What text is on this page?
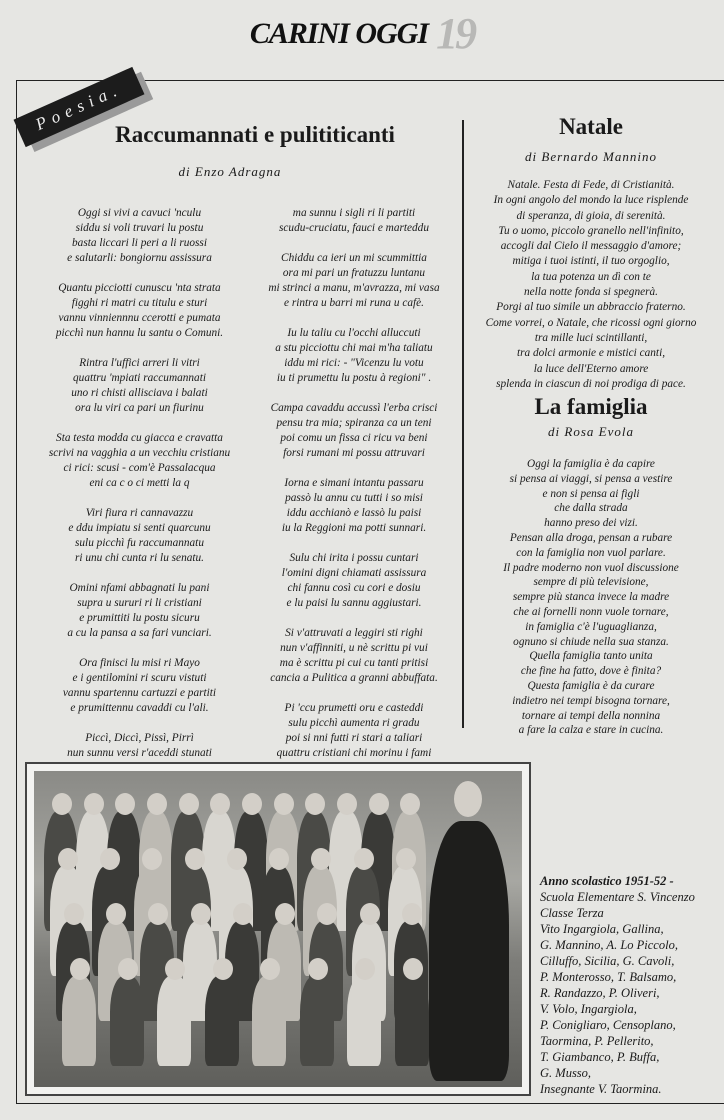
CARINI OGGI 19
Poesia.
Raccumannati e pulititicanti
di Enzo Adragna
Oggi si vivi a cavuci 'nculu
siddu si voli truvari lu postu
basta liccari li peri a li ruossi
e salutarli: bongiornu assissura
Quantu picciotti cunuscu 'nta strata
figghi ri matri cu titulu e sturi
vannu vinniennnu ccerotti e pumata
picchì nun hannu lu santu o Comuni.
Rintra l'uffici arreri li vitri
quattru 'mpiati raccumannati
uno ri chisti allisciava i balati
ora lu viri ca pari un fiurinu
Sta testa modda cu giacca e cravatta
scrivi na vagghia a un vecchiu cristianu
ci rici: scusi - com'è Passalacqua
eni ca c o ci metti la q
Viri fiura ri cannavazzu
e ddu impiatu si senti quarcunu
sulu picchì fu raccumannatu
ri unu chi cunta ri lu senatu.
Omini nfami abbagnati lu pani
supra u sururi ri li cristiani
e prumittiti lu postu sicuru
a cu la pansa a sa fari vunciari.
Ora finisci lu misi ri Mayo
e i gentilomini ri scuru vistuti
vannu spartennu cartuzzi e partiti
e prumittennu cavaddi cu l'ali.
Piccì, Diccì, Pissì, Pirrì
nun sunnu versi r'aceddi stunati
ma sunnu i sigli ri li partiti
scudu-cruciatu, fauci e marteddu
Chiddu ca ieri un mi scummittia
ora mi pari un fratuzzu luntanu
mi strinci a manu, m'avrazza, mi vasa
e rintra u barri mi runa u cafè.
Iu lu taliu cu l'occhi alluccuti
a stu picciottu chi mai m'ha taliatu
iddu mi rici: - "Vicenzu lu votu
iu ti prumettu lu postu à regioni" .
Campa cavaddu accussì l'erba crisci
pensu tra mia; spiranza ca un teni
poi comu un fissa ci ricu va beni
forsi rumani mi possu attruvari
Iorna e simani intantu passaru
passò lu annu cu tutti i so misi
iddu acchianò e lassò lu paisi
iu la Reggioni ma potti sunnari.
Sulu chi irita i possu cuntari
l'omini digni chiamati assissura
chi fannu così cu cori e dosiu
e lu paisi lu sannu aggiustari.
Si v'attruvati a leggiri sti righi
nun v'affinniti, u nè scrittu pi vui
ma è scrittu pi cui cu tanti pritisi
cancia a Pulitica a granni abbuffata.
Pi 'ccu prumetti oru e casteddi
sulu picchì aumenta ri gradu
poi si nni futti ri stari a taliari
quattru cristiani chi morinu i fami
Natale
di Bernardo Mannino
Natale. Festa di Fede, di Cristianità.
In ogni angolo del mondo la luce risplende
di speranza, di gioia, di serenità.
Tu o uomo, piccolo granello nell'infinito,
accogli dal Cielo il messaggio d'amore;
mitiga i tuoi istinti, il tuo orgoglio,
la tua potenza un dì con te
nella notte fonda si spegnerà.
Porgi al tuo simile un abbraccio fraterno.
Come vorrei, o Natale, che ricossi ogni giorno
tra mille luci scintillanti,
tra dolci armonie e mistici canti,
la luce dell'Eterno amore
splenda in ciascun di noi prodiga di pace.
La famiglia
di Rosa Evola
Oggi la famiglia è da capire
si pensa ai viaggi, si pensa a vestire
e non si pensa ai figli
che dalla strada
hanno preso dei vizi.
Pensan alla droga, pensan a rubare
con la famiglia non vuol parlare.
Il padre moderno non vuol discussione
sempre di più televisione,
sempre più stanca invece la madre
che ai fornelli nonn vuole tornare,
in famiglia c'è l'uguaglianza,
ognuno si chiude nella sua stanza.
Quella famiglia tanto unita
che fine ha fatto, dove è finita?
Questa famiglia è da curare
indietro nei tempi bisogna tornare,
tornare ai tempi della nonnina
a fare la calza e stare in cucina.
Anno scolastico 1951-52 -
Scuola Elementare S. Vincenzo
Classe Terza
Vito Ingargiola, Gallina,
G. Mannino, A. Lo Piccolo,
Cilluffo, Sicilia, G. Cavoli,
P. Monterosso, T. Balsamo,
R. Randazzo, P. Oliveri,
V. Volo, Ingargiola,
P. Conigliaro, Censoplano,
Taormina, P. Pellerito,
T. Giambanco, P. Buffa,
G. Musso,
Insegnante V. Taormina.
